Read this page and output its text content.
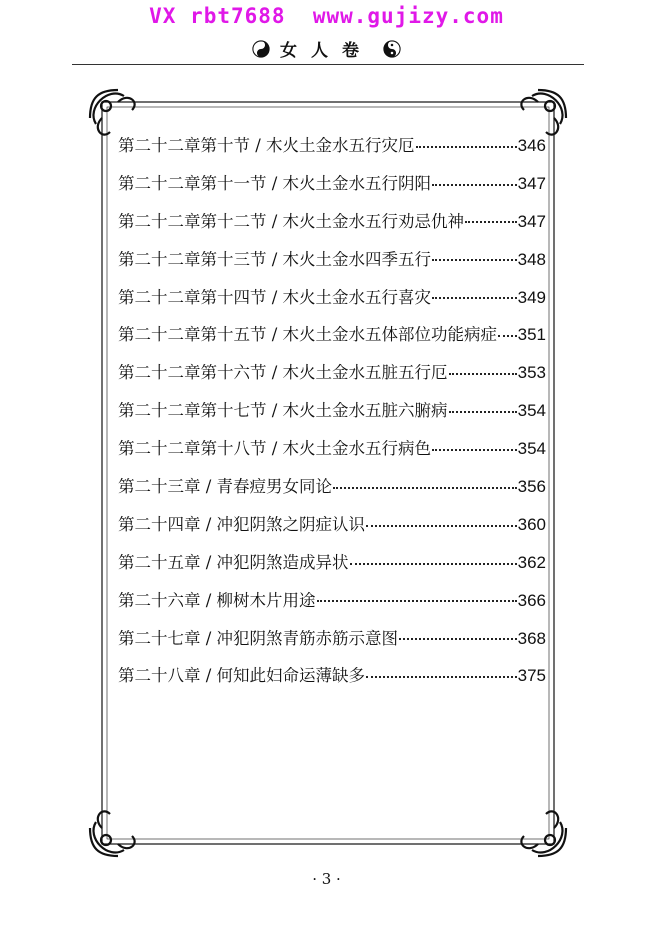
VX rbt7688  www.gujizy.com
女人卷
第二十二章第十节 / 木火土金水五行灾厄	346
第二十二章第十一节 / 木火土金水五行阴阳	347
第二十二章第十二节 / 木火土金水五行劝忌仇神	347
第二十二章第十三节 / 木火土金水四季五行	348
第二十二章第十四节 / 木火土金水五行喜灾	349
第二十二章第十五节 / 木火土金水五体部位功能病症 351
第二十二章第十六节 / 木火土金水五脏五行厄	353
第二十二章第十七节 / 木火土金水五脏六腑病	354
第二十二章第十八节 / 木火土金水五行病色	354
第二十三章 / 青春痘男女同论	356
第二十四章 / 冲犯阴煞之阴症认识	360
第二十五章 / 冲犯阴煞造成异状	362
第二十六章 / 柳树木片用途	366
第二十七章 / 冲犯阴煞青筋赤筋示意图	368
第二十八章 / 何知此妇命运薄缺多	375
· 3 ·
